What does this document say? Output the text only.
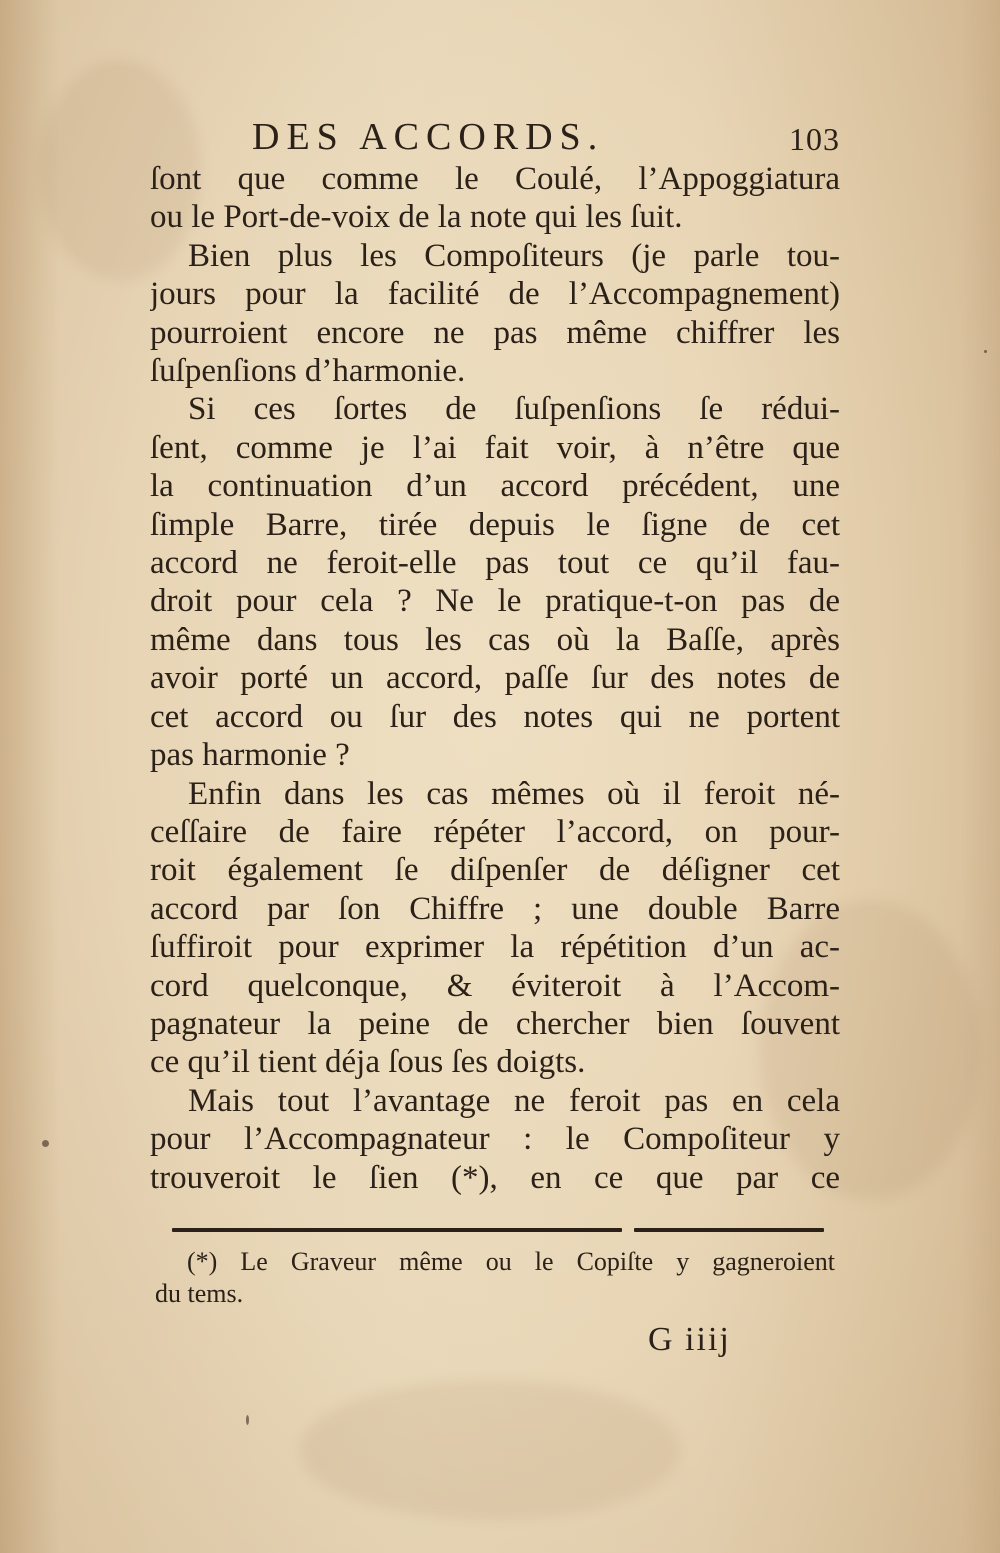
DES ACCORDS.	103
ſont que comme le Coulé, l’Appoggiatura
ou le Port-de-voix de la note qui les ſuit.
Bien plus les Compoſiteurs (je parle tou-
jours pour la facilité de l’Accompagnement)
pourroient encore ne pas même chiffrer les
ſuſpenſions d’harmonie.
Si ces ſortes de ſuſpenſions ſe rédui-
ſent, comme je l’ai fait voir, à n’être que
la continuation d’un accord précédent, une
ſimple Barre, tirée depuis le ſigne de cet
accord ne feroit-elle pas tout ce qu’il fau-
droit pour cela ? Ne le pratique-t-on pas de
même dans tous les cas où la Baſſe, après
avoir porté un accord, paſſe ſur des notes de
cet accord ou ſur des notes qui ne portent
pas harmonie ?
Enfin dans les cas mêmes où il feroit né-
ceſſaire de faire répéter l’accord, on pour-
roit également ſe diſpenſer de déſigner cet
accord par ſon Chiffre ; une double Barre
ſuffiroit pour exprimer la répétition d’un ac-
cord quelconque, & éviteroit à l’Accom-
pagnateur la peine de chercher bien ſouvent
ce qu’il tient déja ſous ſes doigts.
Mais tout l’avantage ne feroit pas en cela
pour l’Accompagnateur : le Compoſiteur y
trouveroit le ſien (*), en ce que par ce
(*) Le Graveur même ou le Copiſte y gagneroient
du tems.
G iiij
